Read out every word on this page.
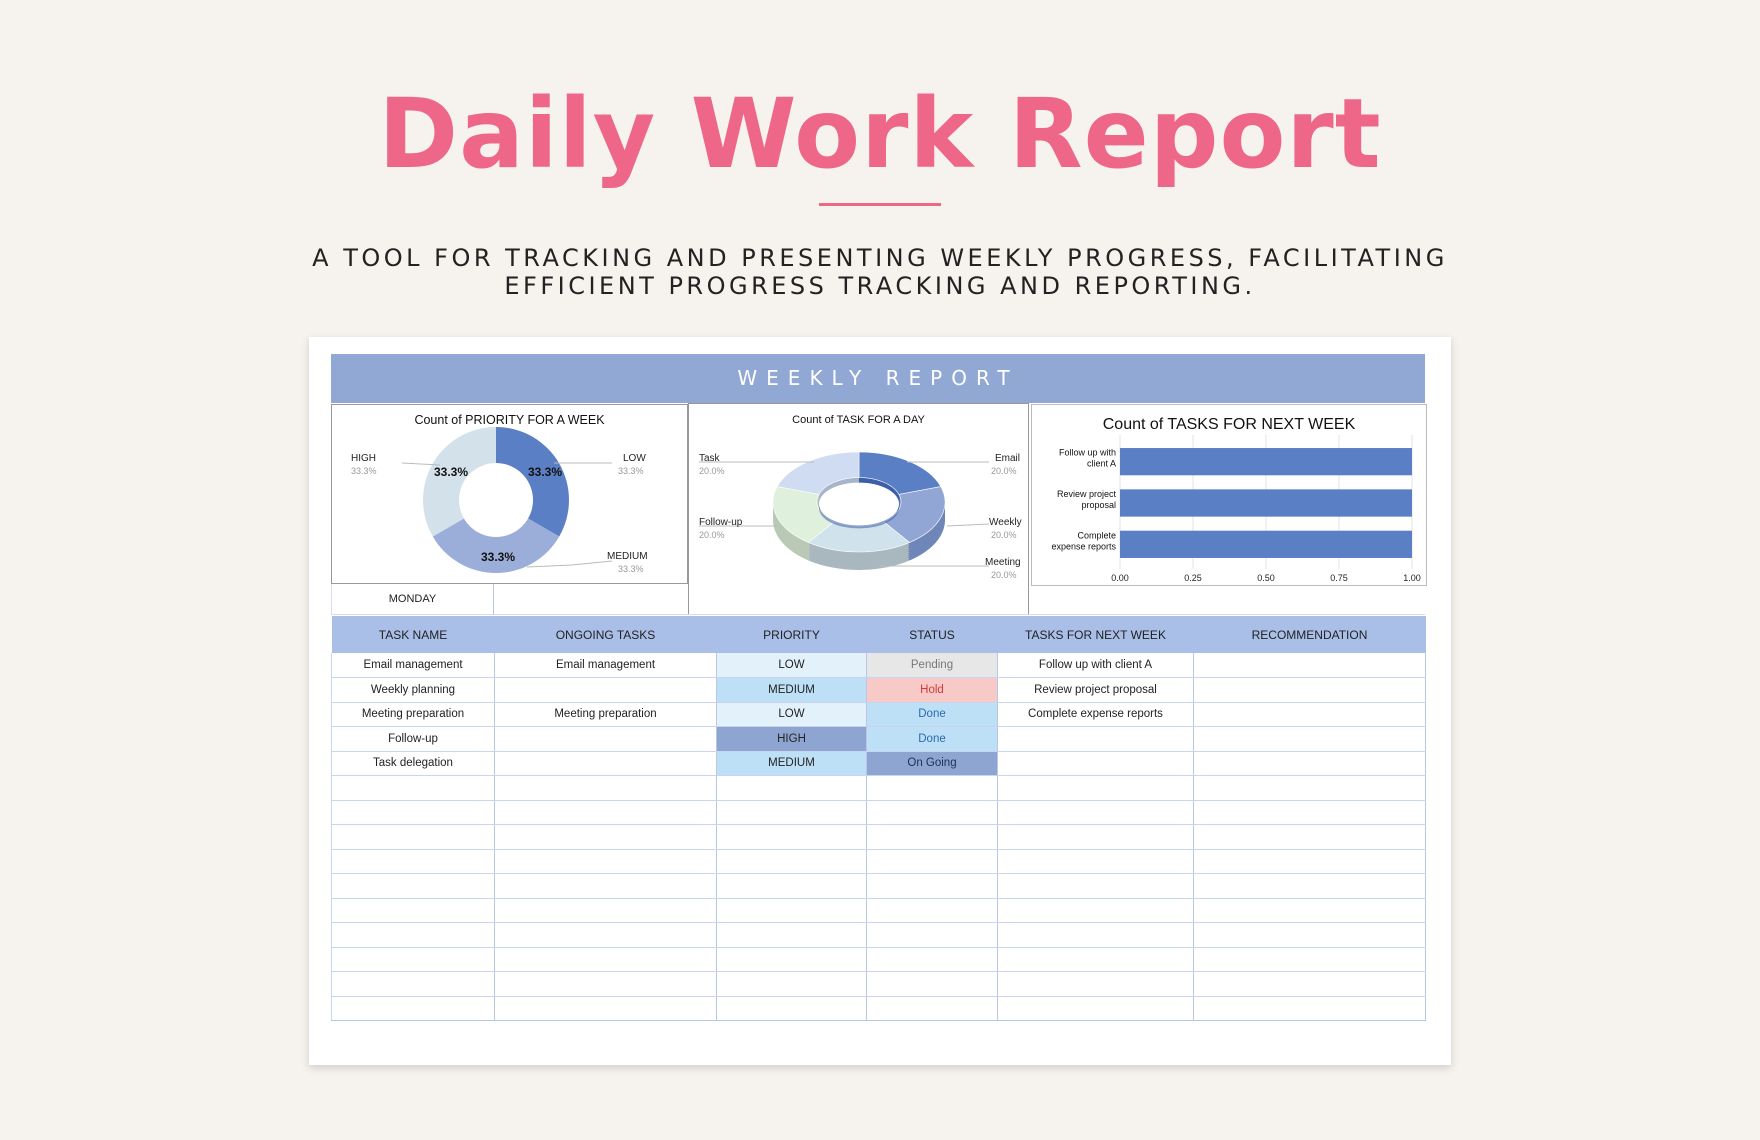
Daily Work Report
A TOOL FOR TRACKING AND PRESENTING WEEKLY PROGRESS, FACILITATING
EFFICIENT PROGRESS TRACKING AND REPORTING.
WEEKLY REPORT
Count of PRIORITY FOR A WEEK
HIGH
33.3%
LOW
33.3%
MEDIUM
33.3%
33.3%	33.3%
33.3%
Count of TASK FOR A DAY
Task
20.0%
Email
20.0%
Follow-up
20.0%
Weekly
20.0%
Meeting
20.0%
Count of TASKS FOR NEXT WEEK
0.00	0.25	0.50	0.75	1.00
Follow up with
client A
Review project
proposal
Complete
expense reports
MONDAY
TASK NAME	ONGOING TASKS	PRIORITY	STATUS	TASKS FOR NEXT WEEK	RECOMMENDATION
Email management	Email management	LOW	Pending	Follow up with client A	
Weekly planning		MEDIUM	Hold	Review project proposal	
Meeting preparation	Meeting preparation	LOW	Done	Complete expense reports	
Follow-up		HIGH	Done		
Task delegation		MEDIUM	On Going		
